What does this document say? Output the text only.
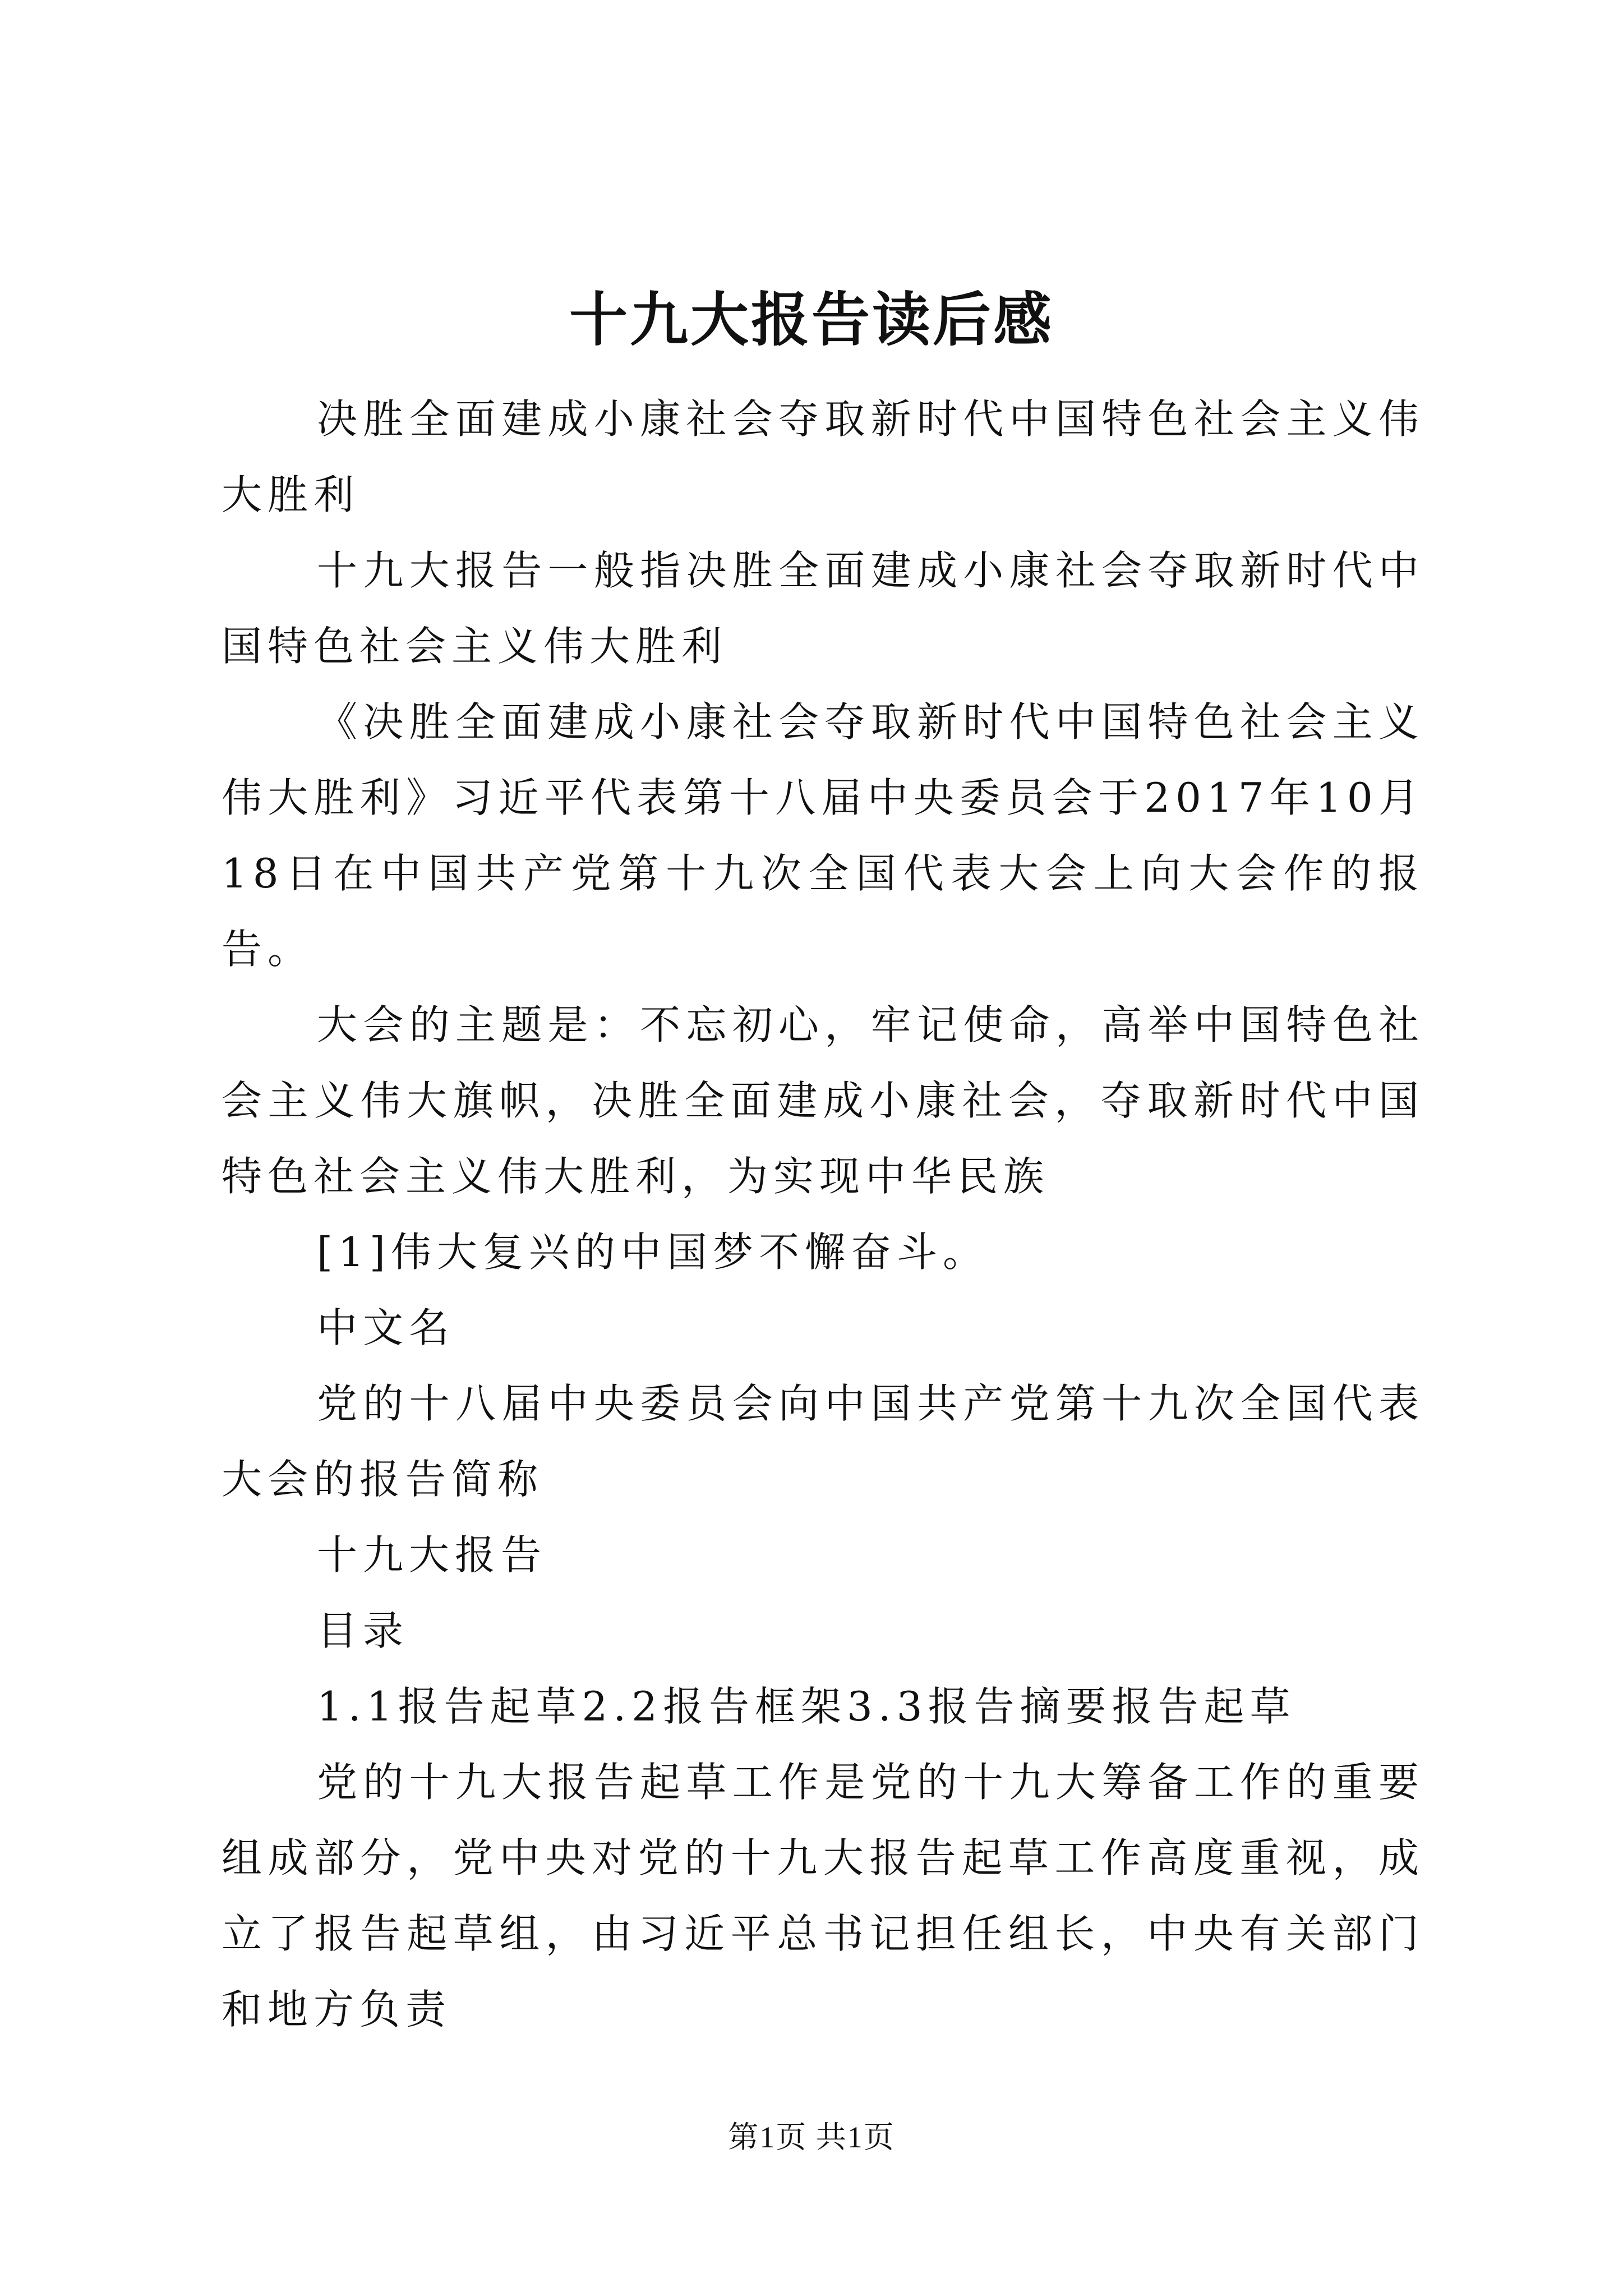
十九大报告读后感

决胜全面建成小康社会夺取新时代中国特色社会主义伟大胜利

十九大报告一般指决胜全面建成小康社会夺取新时代中国特色社会主义伟大胜利

《决胜全面建成小康社会夺取新时代中国特色社会主义伟大胜利》习近平代表第十八届中央委员会于2017年10月18日在中国共产党第十九次全国代表大会上向大会作的报告。

大会的主题是：不忘初心，牢记使命，高举中国特色社会主义伟大旗帜，决胜全面建成小康社会，夺取新时代中国特色社会主义伟大胜利，为实现中华民族

[1]伟大复兴的中国梦不懈奋斗。

中文名

党的十八届中央委员会向中国共产党第十九次全国代表大会的报告简称

十九大报告

目录

1.1报告起草2.2报告框架3.3报告摘要报告起草

党的十九大报告起草工作是党的十九大筹备工作的重要组成部分，党中央对党的十九大报告起草工作高度重视，成立了报告起草组，由习近平总书记担任组长，中央有关部门和地方负责

第1页 共1页
